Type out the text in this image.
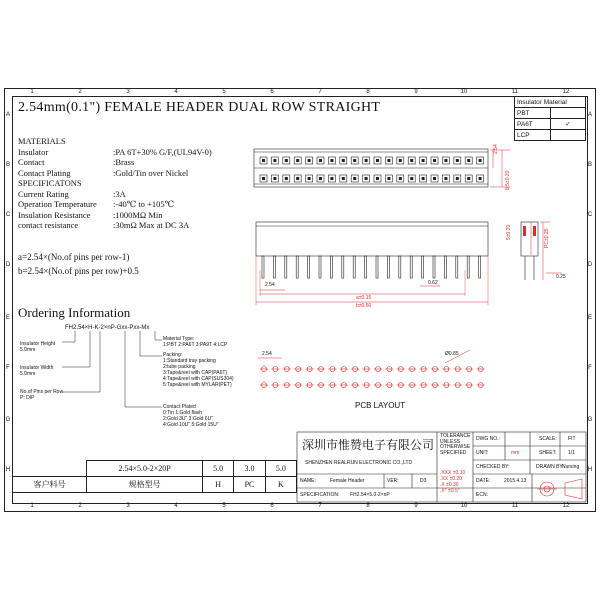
1	2	3	4	5	6	7	8	9	10	11	12
1	2	3	4	5	6	7	8	9	10	11	12
A
B
C
D
E
F
G
H
A
B
C
D
E
F
G
H
2.54mm(0.1") FEMALE HEADER DUAL ROW STRAIGHT	Insulator Material	
PBT	
PA6T	✓
LCP	
MATERIALS
Insulator	:PA 6T+30% G/F,(UL94V-0)
Contact	:Brass
Contact Plating	:Gold/Tin over Nickel
SPECIFICATONS
Current Rating	:3A
Operation Temperature :-40℃ to +105℃
Insulation Resistance	:1000MΩ Min
contact resistance	:30mΩ Max at DC 3A
a=2.54×(No.of pins per row-1)
b=2.54×(No.of pins per row)+0.5
Ordering Information
FH2.54×H-K-2×nP-Gxx-Pxx-Mx
Insulator Height
5.0mm
Insulator Width
5.0mm
No.of Pins per Row
P: DIP
Material Type:
1:PBT 2:PA6T 3:PA9T 4:LCP
Packing:
1:Standard tray packing
2:tube packing
3:Tape&reel with CAP(PA6T)
4:Tape&reel with CAP(SUS304)
5:Tape&reel with MYLAR(PET)
Contact Plated
0:Tin 1:Gold flash
2:Gold 3U" 3:Gold 6U"
4:Gold 10U" 5:Gold 15U"
2.54
8.5±0.20
PC±0.25
5±0.20
0.25
2.54	0.62
a±0.15
b±0.50
2.54	Ø0.85
PCB LAYOUT
	2.54×5.0-2×20P	5.0	3.0	5.0
客户料号	规格型号	H	PC	K
深圳市惟赞电子有限公司
SHENZHEN REALRUN ELECTRONIC CO.,LTD
TOLERANCE
UNLESS
OTHERWISE
SPECIFIED
.XXX ±0.10
.XX ±0.20
.X ±0.30
.X° ±0.5°
DWG NO.:	SCALE: FIT
UNIT:	mm	SHEET: 1/1
CHECKED BY:	DRAWN BY:
Nursing
NAME:	Female Header	VER:	D3	DATE:	2015.4.13
SPECIFICATION: FH2.54×5.0-2×nP	ECN:
